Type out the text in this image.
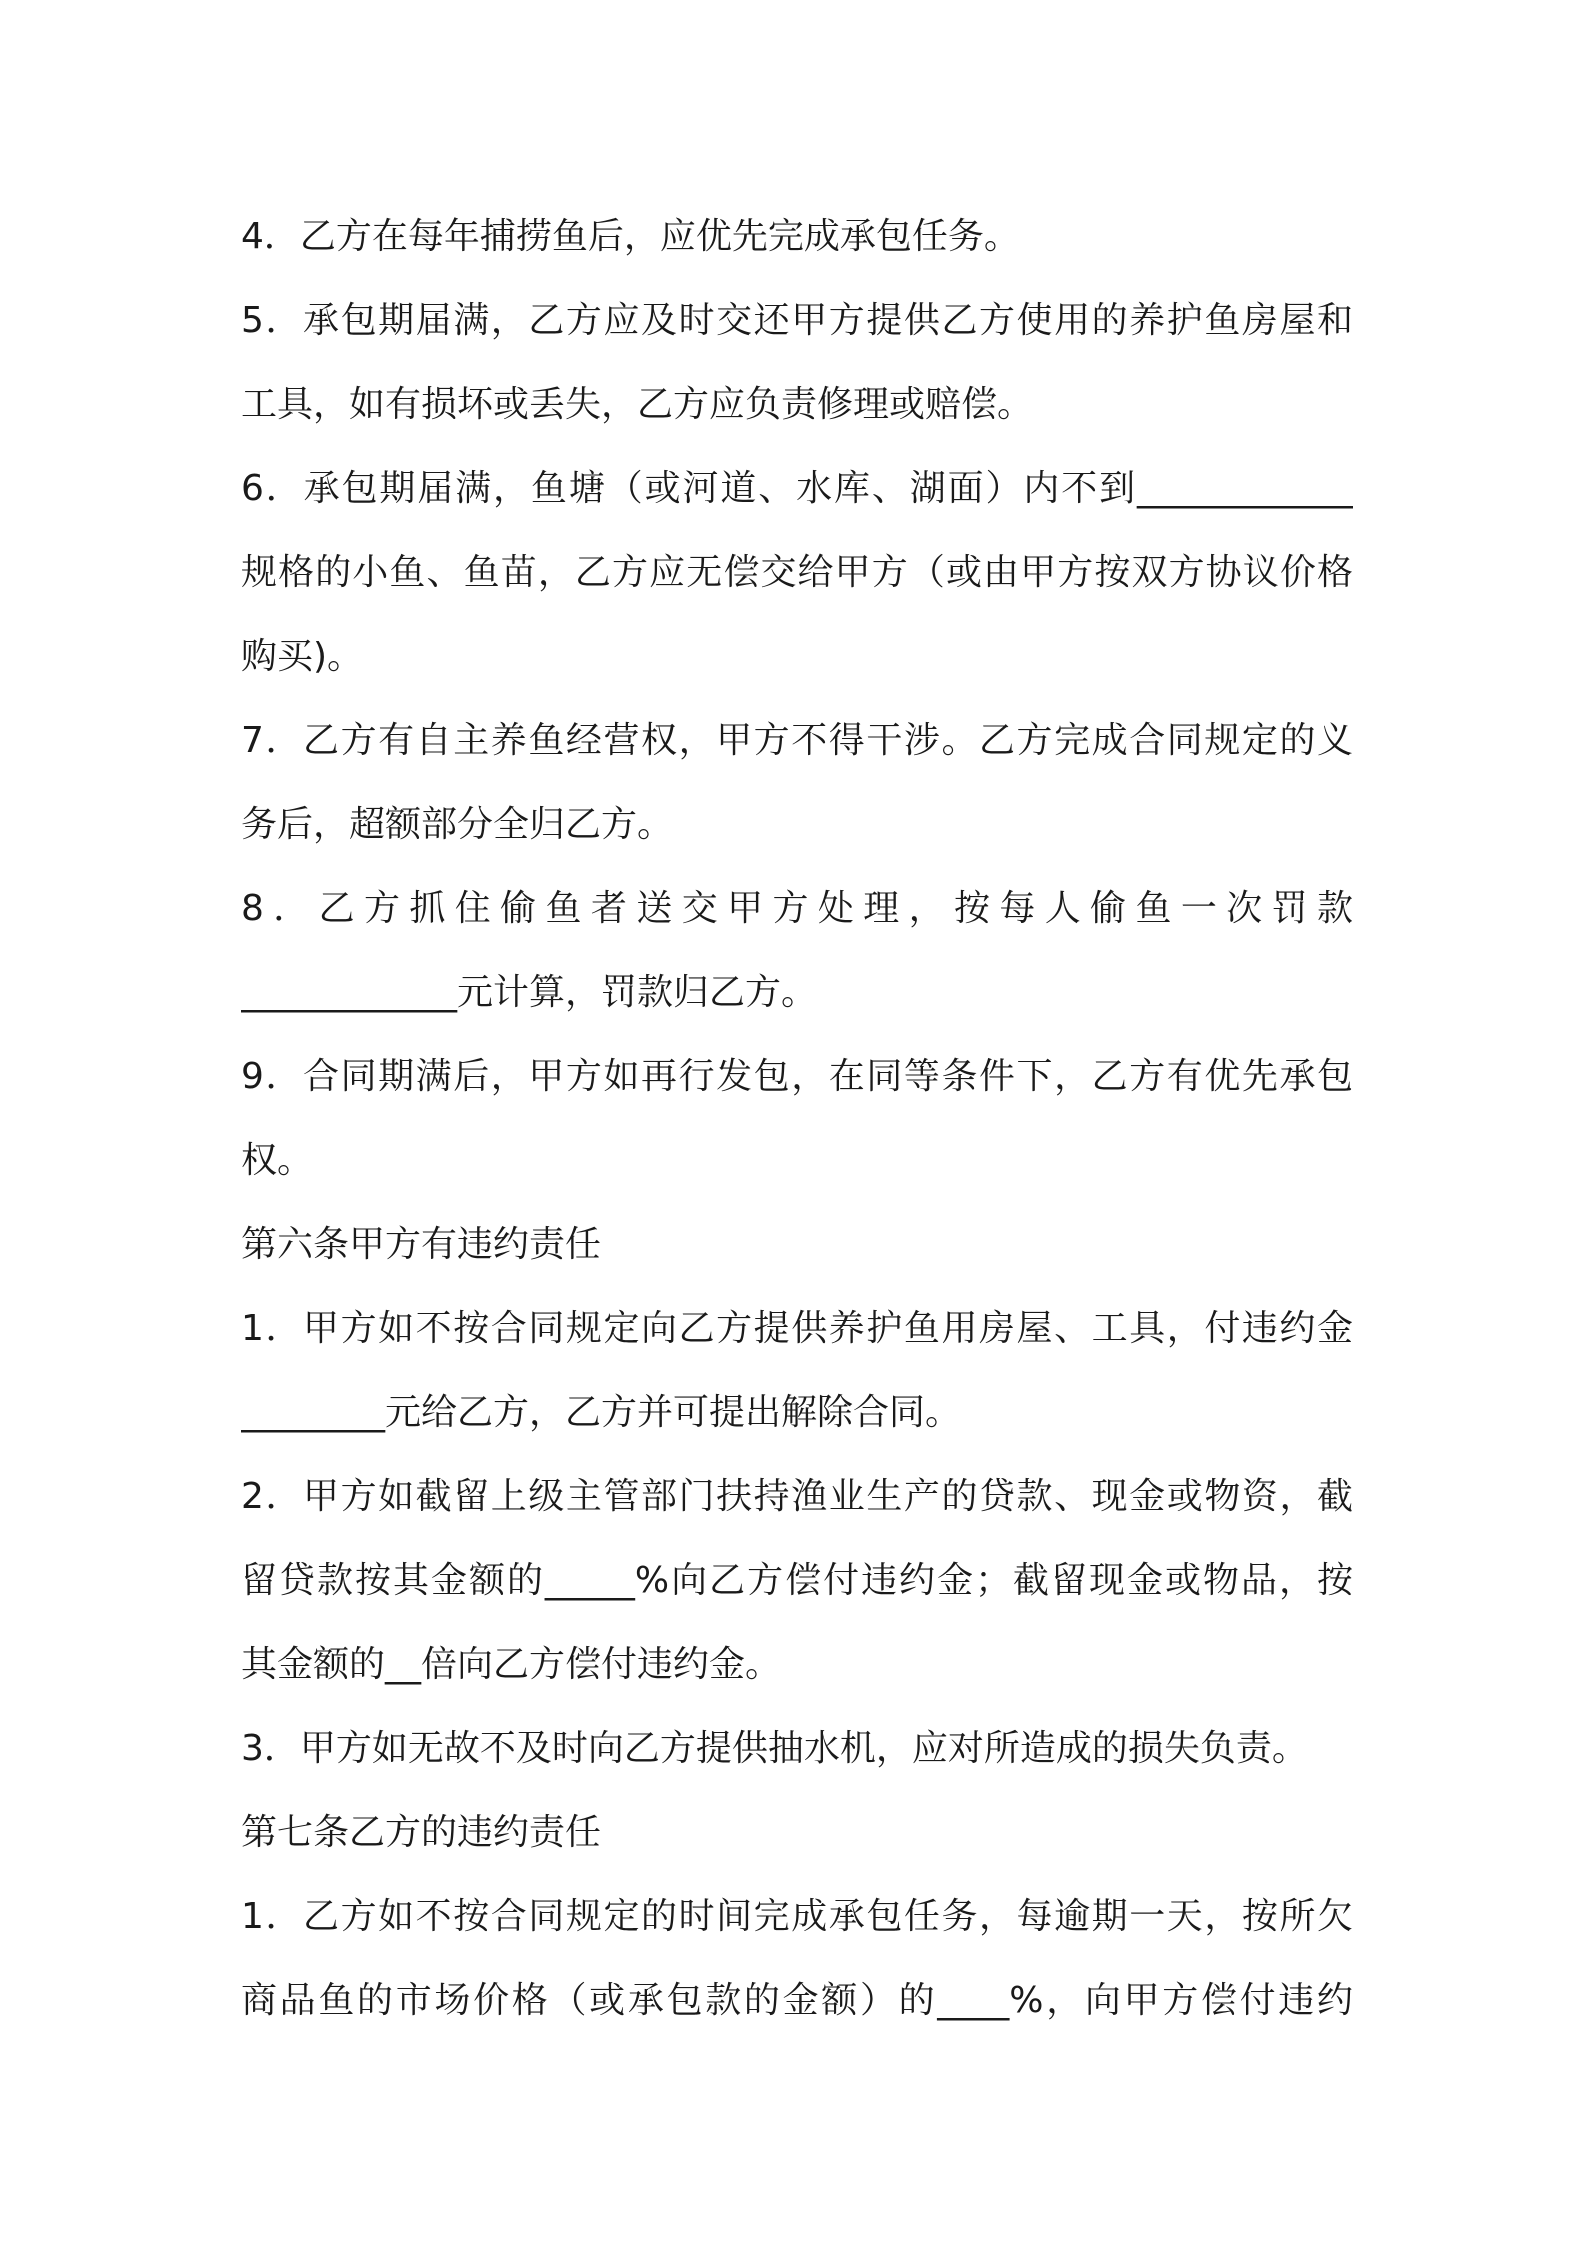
4．乙方在每年捕捞鱼后，应优先完成承包任务。
5．承包期届满，乙方应及时交还甲方提供乙方使用的养护鱼房屋和
工具，如有损坏或丢失，乙方应负责修理或赔偿。
6．承包期届满，鱼塘（或河道、水库、湖面）内不到____________
规格的小鱼、鱼苗，乙方应无偿交给甲方（或由甲方按双方协议价格
购买)。
7．乙方有自主养鱼经营权，甲方不得干涉。乙方完成合同规定的义
务后，超额部分全归乙方。
8．乙方抓住偷鱼者送交甲方处理，按每人偷鱼一次罚款
____________元计算，罚款归乙方。
9．合同期满后，甲方如再行发包，在同等条件下，乙方有优先承包
权。
第六条甲方有违约责任
1．甲方如不按合同规定向乙方提供养护鱼用房屋、工具，付违约金
________元给乙方，乙方并可提出解除合同。
2．甲方如截留上级主管部门扶持渔业生产的贷款、现金或物资，截
留贷款按其金额的_____%向乙方偿付违约金；截留现金或物品，按
其金额的__倍向乙方偿付违约金。
3．甲方如无故不及时向乙方提供抽水机，应对所造成的损失负责。
第七条乙方的违约责任
1．乙方如不按合同规定的时间完成承包任务，每逾期一天，按所欠
商品鱼的市场价格（或承包款的金额）的____%，向甲方偿付违约
